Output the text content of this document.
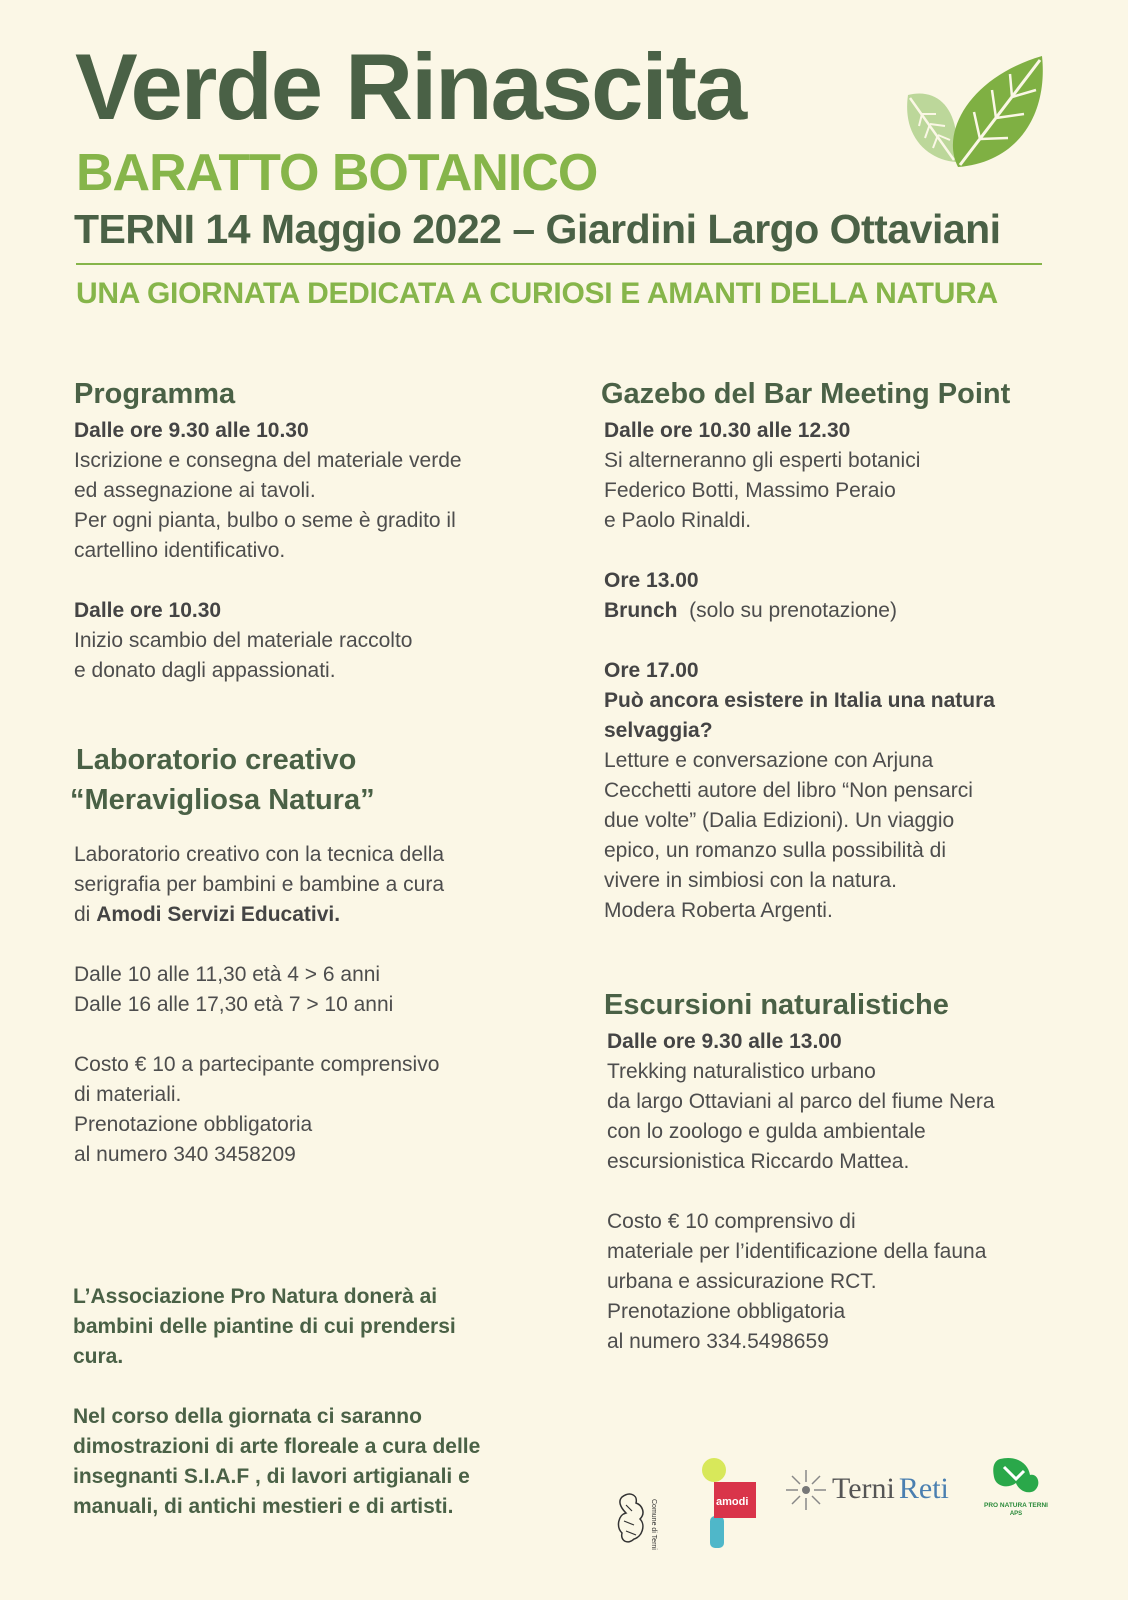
Verde Rinascita
BARATTO BOTANICO
TERNI 14 Maggio 2022 – Giardini Largo Ottaviani
UNA GIORNATA DEDICATA A CURIOSI E AMANTI DELLA NATURA
Programma
Dalle ore 9.30 alle 10.30
Iscrizione e consegna del materiale verde
ed assegnazione ai tavoli.
Per ogni pianta, bulbo o seme è gradito il
cartellino identificativo.
Dalle ore 10.30
Inizio scambio del materiale raccolto
e donato dagli appassionati.
Laboratorio creativo
“Meravigliosa Natura”
Laboratorio creativo con la tecnica della
serigrafia per bambini e bambine a cura
di Amodi Servizi Educativi.
Dalle 10 alle 11,30 età 4 > 6 anni
Dalle 16 alle 17,30 età 7 > 10 anni
Costo € 10 a partecipante comprensivo
di materiali.
Prenotazione obbligatoria
al numero 340 3458209
L’Associazione Pro Natura donerà ai
bambini delle piantine di cui prendersi
cura.
Nel corso della giornata ci saranno
dimostrazioni di arte floreale a cura delle
insegnanti S.I.A.F , di lavori artigianali e
manuali, di antichi mestieri e di artisti.
Gazebo del Bar Meeting Point
Dalle ore 10.30 alle 12.30
Si alterneranno gli esperti botanici
Federico Botti, Massimo Peraio
e Paolo Rinaldi.
Ore 13.00
Brunch  (solo su prenotazione)
Ore 17.00
Può ancora esistere in Italia una natura
selvaggia?
Letture e conversazione con Arjuna
Cecchetti autore del libro “Non pensarci
due volte” (Dalia Edizioni). Un viaggio
epico, un romanzo sulla possibilità di
vivere in simbiosi con la natura.
Modera Roberta Argenti.
Escursioni naturalistiche
Dalle ore 9.30 alle 13.00
Trekking naturalistico urbano
da largo Ottaviani al parco del fiume Nera
con lo zoologo e gulda ambientale
escursionistica Riccardo Mattea.
Costo € 10 comprensivo di
materiale per l’identificazione della fauna
urbana e assicurazione RCT.
Prenotazione obbligatoria
al numero 334.5498659
Comune di Terni	amodi	Terni Reti
PRO NATURA TERNI
APS
